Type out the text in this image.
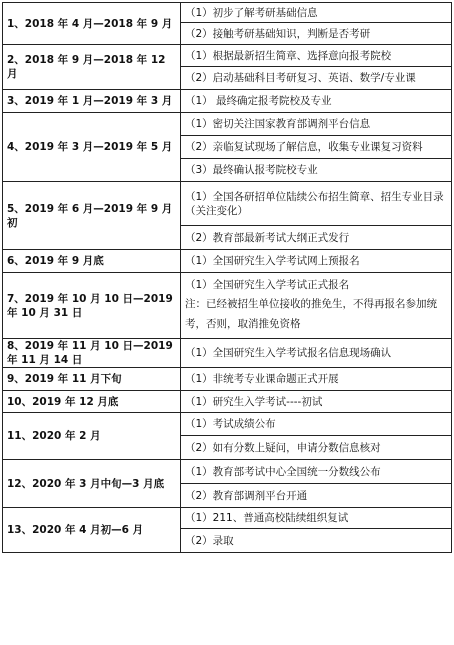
1、2018 年 4 月—2018 年 9 月	（1）初步了解考研基础信息

	（2）接触考研基础知识，判断是否考研

2、2018 年 9 月—2018 年 12 月	（1）根据最新招生简章、选择意向报考院校

	（2）启动基础科目考研复习、英语、数学/专业课

3、2019 年 1 月—2019 年 3 月	（1） 最终确定报考院校及专业

4、2019 年 3 月—2019 年 5 月	（1）密切关注国家教育部调剂平台信息

	（2）亲临复试现场了解信息，收集专业课复习资料

	（3）最终确认报考院校专业

5、2019 年 6 月—2019 年 9 月初	（1）全国各研招单位陆续公布招生简章、招生专业目录（关注变化）

	（2）教育部最新考试大纲正式发行

6、2019 年 9 月底	（1）全国研究生入学考试网上预报名

7、2019 年 10 月 10 日—2019 年 10 月 31 日	（1）全国研究生入学考试正式报名
注：已经被招生单位接收的推免生，不得再报名参加统考，否则，取消推免资格

8、2019 年 11 月 10 日—2019 年 11 月 14 日	（1）全国研究生入学考试报名信息现场确认

9、2019 年 11 月下旬	（1）非统考专业课命题正式开展

10、2019 年 12 月底	（1）研究生入学考试----初试

11、2020 年 2 月	（1）考试成绩公布

	（2）如有分数上疑问，申请分数信息核对

12、2020 年 3 月中旬—3 月底	（1）教育部考试中心全国统一分数线公布

	（2）教育部调剂平台开通

13、2020 年 4 月初—6 月	（1）211、普通高校陆续组织复试

	（2）录取
